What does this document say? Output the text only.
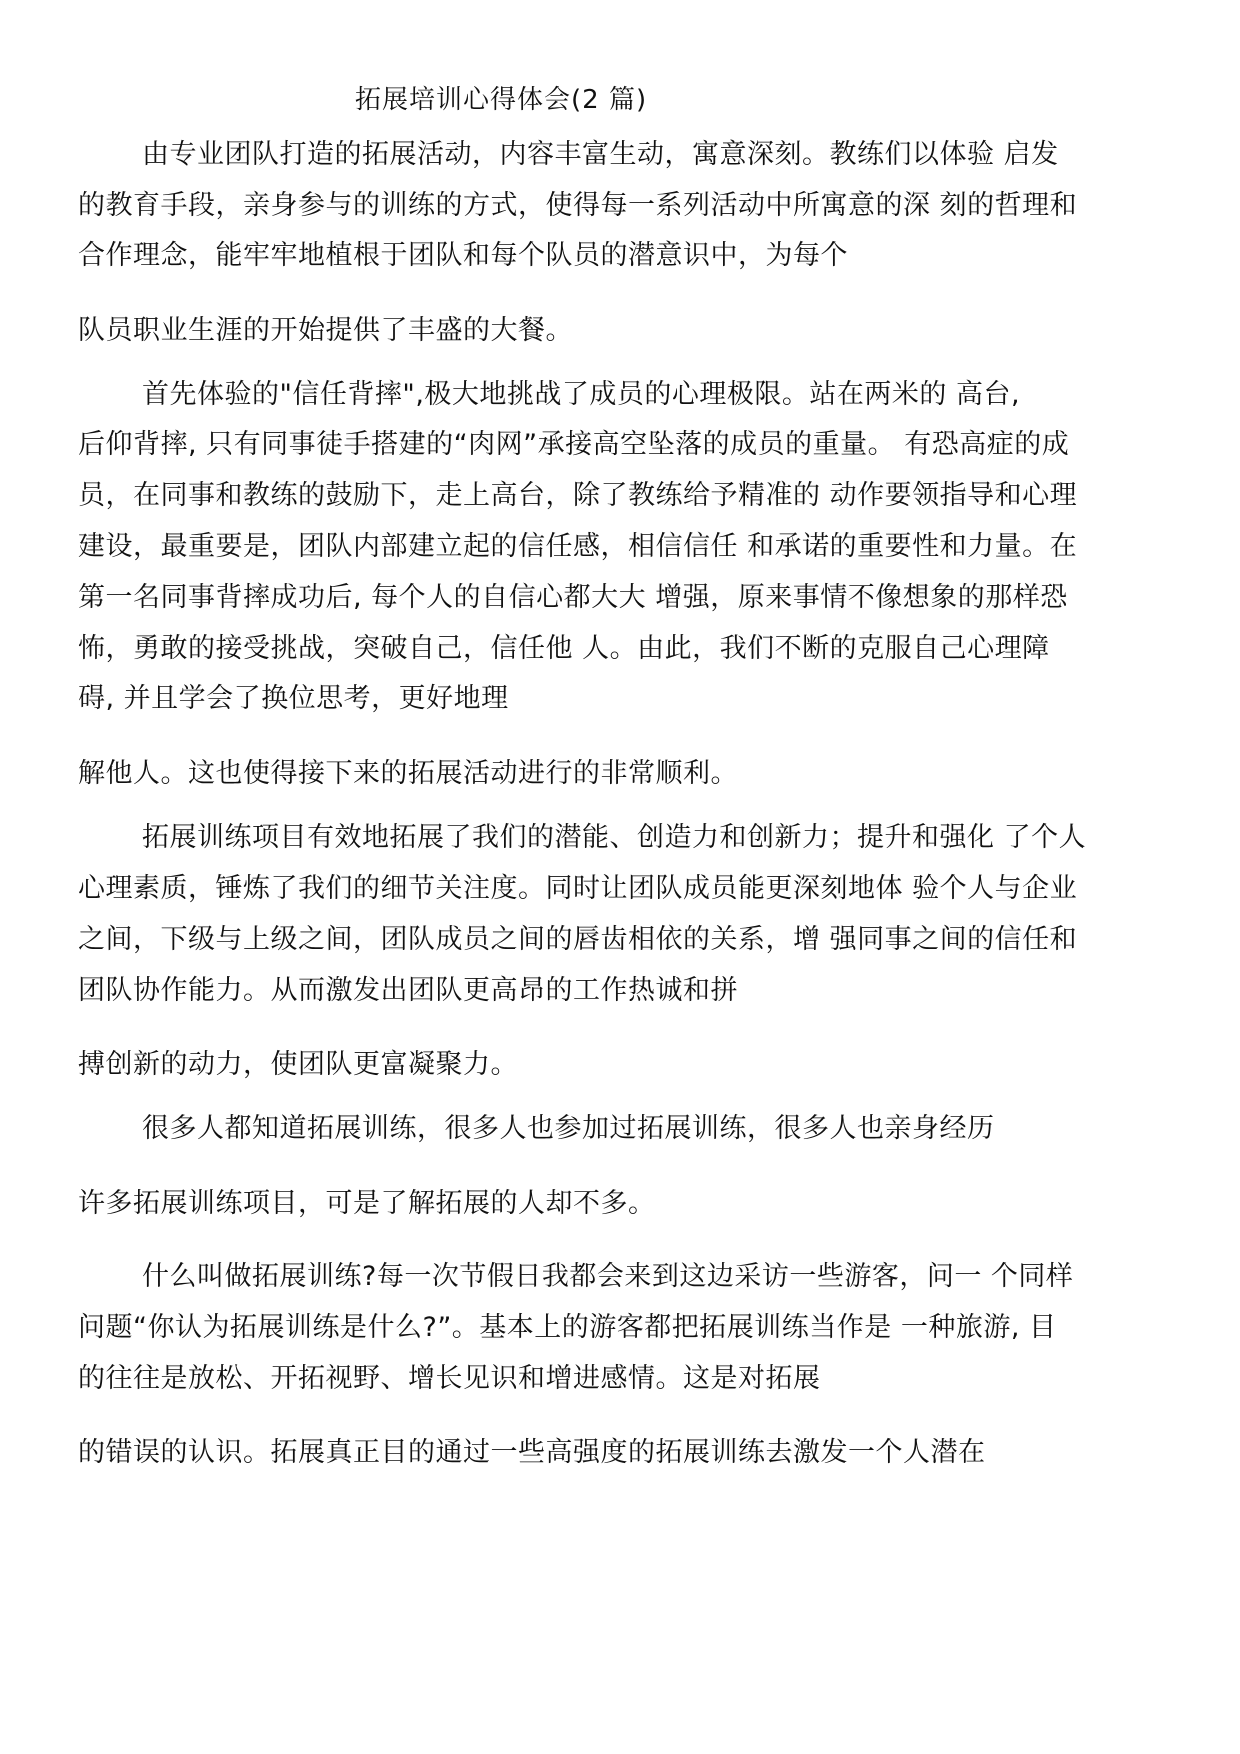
拓展培训心得体会(2 篇)
由专业团队打造的拓展活动，内容丰富生动，寓意深刻。教练们以体验 启发
的教育手段，亲身参与的训练的方式，使得每一系列活动中所寓意的深 刻的哲理和
合作理念，能牢牢地植根于团队和每个队员的潜意识中，为每个
队员职业生涯的开始提供了丰盛的大餐。
首先体验的"信任背摔",极大地挑战了成员的心理极限。站在两米的 高台,
后仰背摔, 只有同事徒手搭建的“肉网”承接高空坠落的成员的重量。 有恐高症的成
员，在同事和教练的鼓励下，走上高台，除了教练给予精准的 动作要领指导和心理
建设，最重要是，团队内部建立起的信任感，相信信任 和承诺的重要性和力量。在
第一名同事背摔成功后, 每个人的自信心都大大 增强，原来事情不像想象的那样恐
怖，勇敢的接受挑战，突破自己，信任他 人。由此，我们不断的克服自己心理障
碍, 并且学会了换位思考，更好地理
解他人。这也使得接下来的拓展活动进行的非常顺利。
拓展训练项目有效地拓展了我们的潜能、创造力和创新力；提升和强化 了个人
心理素质，锤炼了我们的细节关注度。同时让团队成员能更深刻地体 验个人与企业
之间，下级与上级之间，团队成员之间的唇齿相依的关系，增 强同事之间的信任和
团队协作能力。从而激发出团队更高昂的工作热诚和拼
搏创新的动力，使团队更富凝聚力。
很多人都知道拓展训练，很多人也参加过拓展训练，很多人也亲身经历
许多拓展训练项目，可是了解拓展的人却不多。
什么叫做拓展训练?每一次节假日我都会来到这边采访一些游客，问一 个同样
问题“你认为拓展训练是什么?”。基本上的游客都把拓展训练当作是 一种旅游, 目
的往往是放松、开拓视野、增长见识和增进感情。这是对拓展
的错误的认识。拓展真正目的通过一些高强度的拓展训练去激发一个人潜在
